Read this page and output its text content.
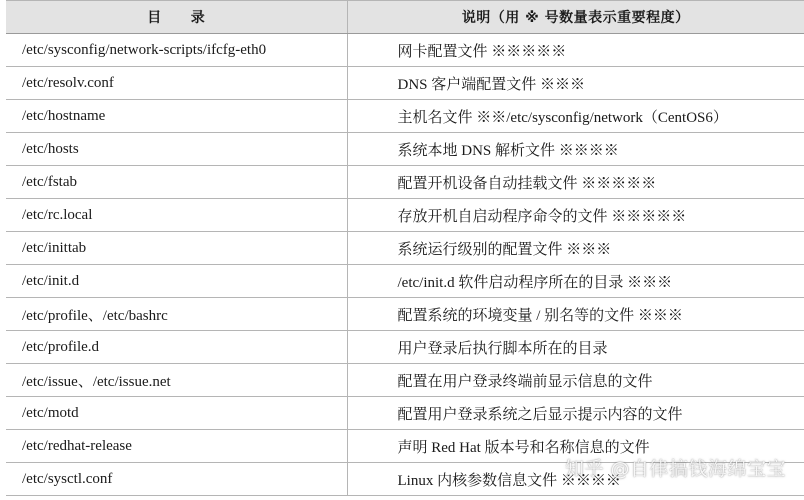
目　　录	说明（用 ※ 号数量表示重要程度）
/etc/sysconfig/network-scripts/ifcfg-eth0	网卡配置文件 ※※※※※
/etc/resolv.conf	DNS 客户端配置文件 ※※※
/etc/hostname	主机名文件 ※※/etc/sysconfig/network（CentOS6）
/etc/hosts	系统本地 DNS 解析文件 ※※※※
/etc/fstab	配置开机设备自动挂载文件 ※※※※※
/etc/rc.local	存放开机自启动程序命令的文件 ※※※※※
/etc/inittab	系统运行级别的配置文件 ※※※
/etc/init.d	/etc/init.d 软件启动程序所在的目录 ※※※
/etc/profile、/etc/bashrc	配置系统的环境变量 / 别名等的文件 ※※※
/etc/profile.d	用户登录后执行脚本所在的目录
/etc/issue、/etc/issue.net	配置在用户登录终端前显示信息的文件
/etc/motd	配置用户登录系统之后显示提示内容的文件
/etc/redhat-release	声明 Red Hat 版本号和名称信息的文件
/etc/sysctl.conf	Linux 内核参数信息文件 ※※※※
知乎 @自律搞钱海绵宝宝
